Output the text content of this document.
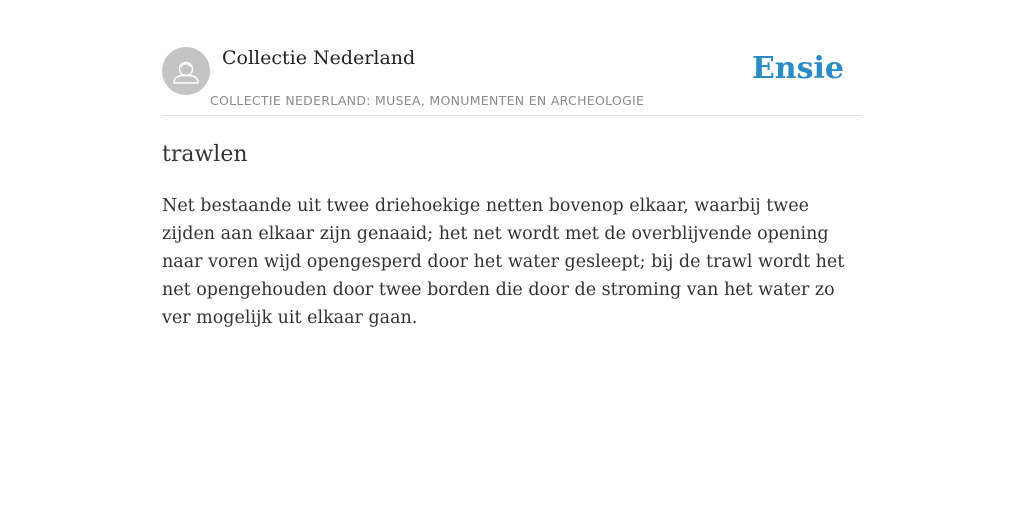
Collectie Nederland
COLLECTIE NEDERLAND: MUSEA, MONUMENTEN EN ARCHEOLOGIE
Ensie
trawlen

Net bestaande uit twee driehoekige netten bovenop elkaar, waarbij twee zijden aan elkaar zijn genaaid; het net wordt met de overblijvende opening naar voren wijd opengesperd door het water gesleept; bij de trawl wordt het net opengehouden door twee borden die door de stroming van het water zo ver mogelijk uit elkaar gaan.
